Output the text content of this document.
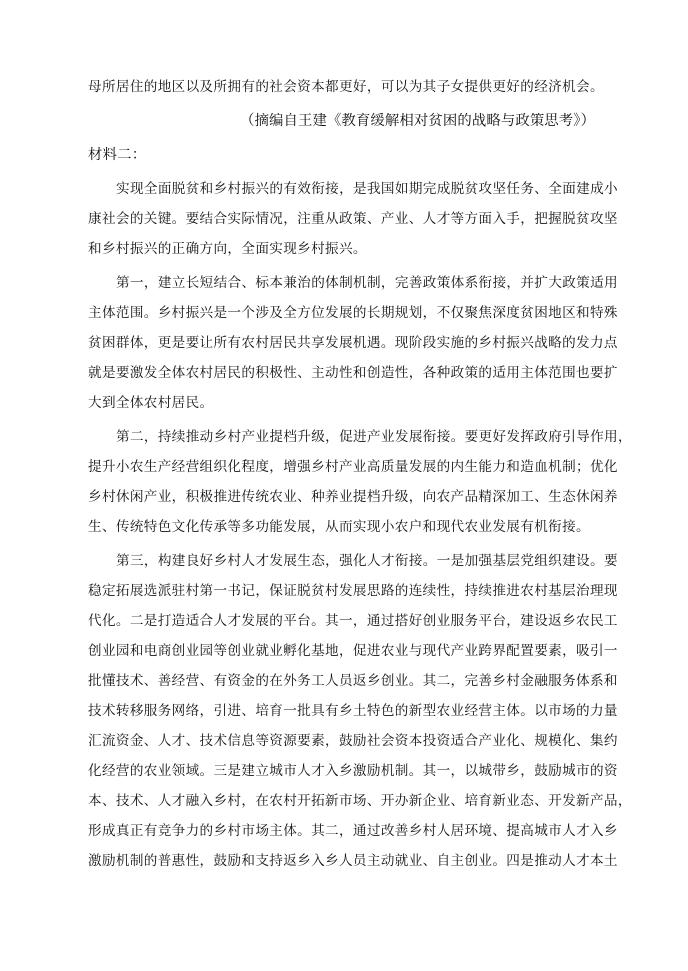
母所居住的地区以及所拥有的社会资本都更好，可以为其子女提供更好的经济机会。
（摘编自王建《教育缓解相对贫困的战略与政策思考》）
材料二：
实现全面脱贫和乡村振兴的有效衔接，是我国如期完成脱贫攻坚任务、全面建成小
康社会的关键。要结合实际情况，注重从政策、产业、人才等方面入手，把握脱贫攻坚
和乡村振兴的正确方向，全面实现乡村振兴。
第一，建立长短结合、标本兼治的体制机制，完善政策体系衔接，并扩大政策适用
主体范围。乡村振兴是一个涉及全方位发展的长期规划，不仅聚焦深度贫困地区和特殊
贫困群体，更是要让所有农村居民共享发展机遇。现阶段实施的乡村振兴战略的发力点
就是要激发全体农村居民的积极性、主动性和创造性，各种政策的适用主体范围也要扩
大到全体农村居民。
第二，持续推动乡村产业提档升级，促进产业发展衔接。要更好发挥政府引导作用，
提升小农生产经营组织化程度，增强乡村产业高质量发展的内生能力和造血机制；优化
乡村休闲产业，积极推进传统农业、种养业提档升级，向农产品精深加工、生态休闲养
生、传统特色文化传承等多功能发展，从而实现小农户和现代农业发展有机衔接。
第三，构建良好乡村人才发展生态，强化人才衔接。一是加强基层党组织建设。要
稳定拓展选派驻村第一书记，保证脱贫村发展思路的连续性，持续推进农村基层治理现
代化。二是打造适合人才发展的平台。其一，通过搭好创业服务平台，建设返乡农民工
创业园和电商创业园等创业就业孵化基地，促进农业与现代产业跨界配置要素，吸引一
批懂技术、善经营、有资金的在外务工人员返乡创业。其二，完善乡村金融服务体系和
技术转移服务网络，引进、培育一批具有乡土特色的新型农业经营主体。以市场的力量
汇流资金、人才、技术信息等资源要素，鼓励社会资本投资适合产业化、规模化、集约
化经营的农业领域。三是建立城市人才入乡激励机制。其一，以城带乡，鼓励城市的资
本、技术、人才融入乡村，在农村开拓新市场、开办新企业、培育新业态、开发新产品，
形成真正有竞争力的乡村市场主体。其二，通过改善乡村人居环境、提高城市人才入乡
激励机制的普惠性，鼓励和支持返乡入乡人员主动就业、自主创业。四是推动人才本土
